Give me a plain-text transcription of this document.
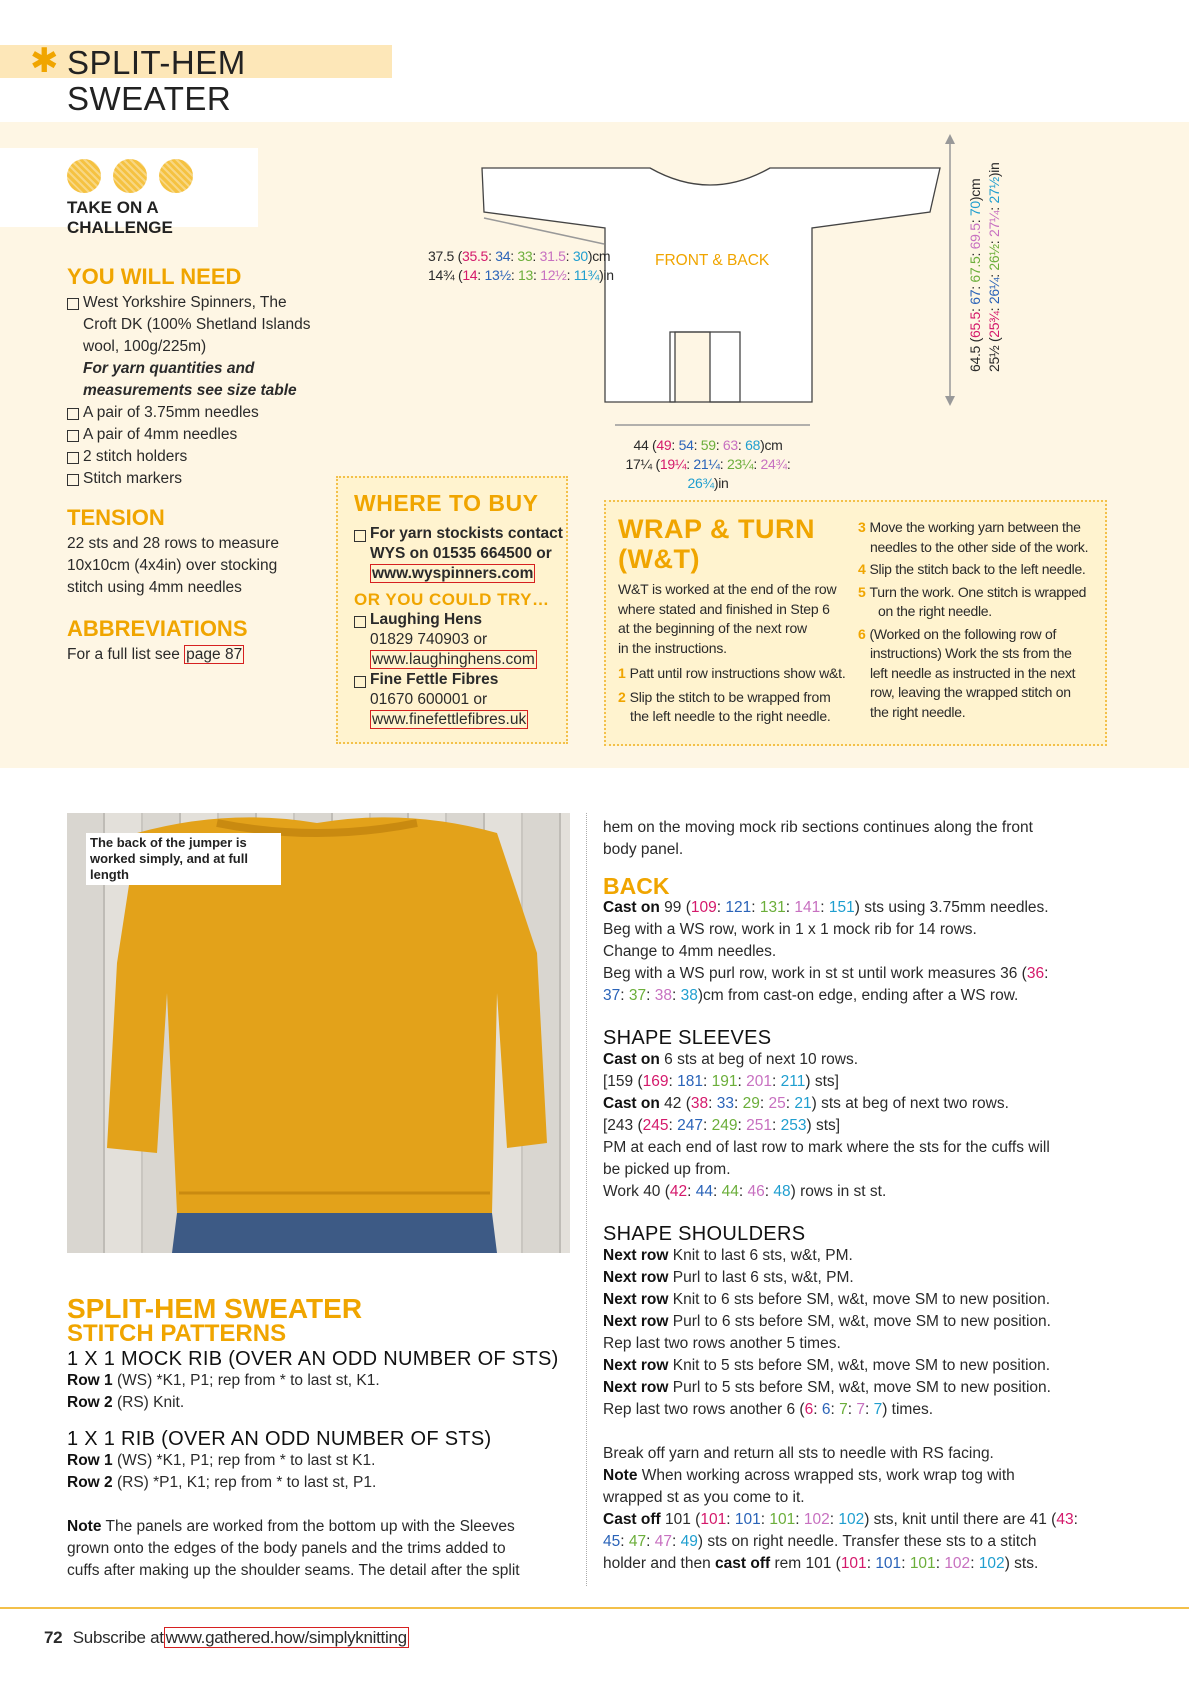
✱ SPLIT-HEM SWEATER
TAKE ON A CHALLENGE
YOU WILL NEED
West Yorkshire Spinners, The
Croft DK (100% Shetland Islands
wool, 100g/225m)
For yarn quantities and
measurements see size table
A pair of 3.75mm needles
A pair of 4mm needles
2 stitch holders
Stitch markers
TENSION
22 sts and 28 rows to measure
10x10cm (4x4in) over stocking
stitch using 4mm needles
ABBREVIATIONS
For a full list see page 87
FRONT & BACK
37.5 (35.5: 34: 33: 31.5: 30)cm
14¾ (14: 13½: 13: 12½: 11¾)in
44 (49: 54: 59: 63: 68)cm
17¼ (19¼: 21¼: 23¼: 24¾: 26¾)in
64.5 (65.5: 67: 67.5: 69.5: 70)cm
25½ (25¾: 26¼: 26½: 27¼: 27½)in
WHERE TO BUY
For yarn stockists contact
WYS on 01535 664500 or
www.wyspinners.com
OR YOU COULD TRY…
Laughing Hens
01829 740903 or
www.laughinghens.com
Fine Fettle Fibres
01670 600001 or
www.finefettlefibres.uk
WRAP & TURN
(W&T)
W&T is worked at the end of the row
where stated and finished in Step 6
at the beginning of the next row
in the instructions.
1 Patt until row instructions show w&t.
2 Slip the stitch to be wrapped from
the left needle to the right needle.
3 Move the working yarn between the
needles to the other side of the work.
4 Slip the stitch back to the left needle.
5 Turn the work. One stitch is wrapped
on the right needle.
6 (Worked on the following row of
instructions) Work the sts from the
left needle as instructed in the next
row, leaving the wrapped stitch on
the right needle.
The back of the jumper is worked simply, and at full length
SPLIT-HEM SWEATER
STITCH PATTERNS
1 X 1 MOCK RIB (OVER AN ODD NUMBER OF STS)
Row 1 (WS) *K1, P1; rep from * to last st, K1.
Row 2 (RS) Knit.
1 X 1 RIB (OVER AN ODD NUMBER OF STS)
Row 1 (WS) *K1, P1; rep from * to last st K1.
Row 2 (RS) *P1, K1; rep from * to last st, P1.
Note The panels are worked from the bottom up with the Sleeves
grown onto the edges of the body panels and the trims added to
cuffs after making up the shoulder seams. The detail after the split
hem on the moving mock rib sections continues along the front
body panel.
BACK
Cast on 99 (109: 121: 131: 141: 151) sts using 3.75mm needles.
Beg with a WS row, work in 1 x 1 mock rib for 14 rows.
Change to 4mm needles.
Beg with a WS purl row, work in st st until work measures 36 (36:
37: 37: 38: 38)cm from cast-on edge, ending after a WS row.
SHAPE SLEEVES
Cast on 6 sts at beg of next 10 rows.
[159 (169: 181: 191: 201: 211) sts]
Cast on 42 (38: 33: 29: 25: 21) sts at beg of next two rows.
[243 (245: 247: 249: 251: 253) sts]
PM at each end of last row to mark where the sts for the cuffs will
be picked up from.
Work 40 (42: 44: 44: 46: 48) rows in st st.
SHAPE SHOULDERS
Next row Knit to last 6 sts, w&t, PM.
Next row Purl to last 6 sts, w&t, PM.
Next row Knit to 6 sts before SM, w&t, move SM to new position.
Next row Purl to 6 sts before SM, w&t, move SM to new position.
Rep last two rows another 5 times.
Next row Knit to 5 sts before SM, w&t, move SM to new position.
Next row Purl to 5 sts before SM, w&t, move SM to new position.
Rep last two rows another 6 (6: 6: 7: 7: 7) times.
Break off yarn and return all sts to needle with RS facing.
Note When working across wrapped sts, work wrap tog with
wrapped st as you come to it.
Cast off 101 (101: 101: 101: 102: 102) sts, knit until there are 41 (43:
45: 47: 47: 49) sts on right needle. Transfer these sts to a stitch
holder and then cast off rem 101 (101: 101: 101: 102: 102) sts.
72 Subscribe at www.gathered.how/simplyknitting
